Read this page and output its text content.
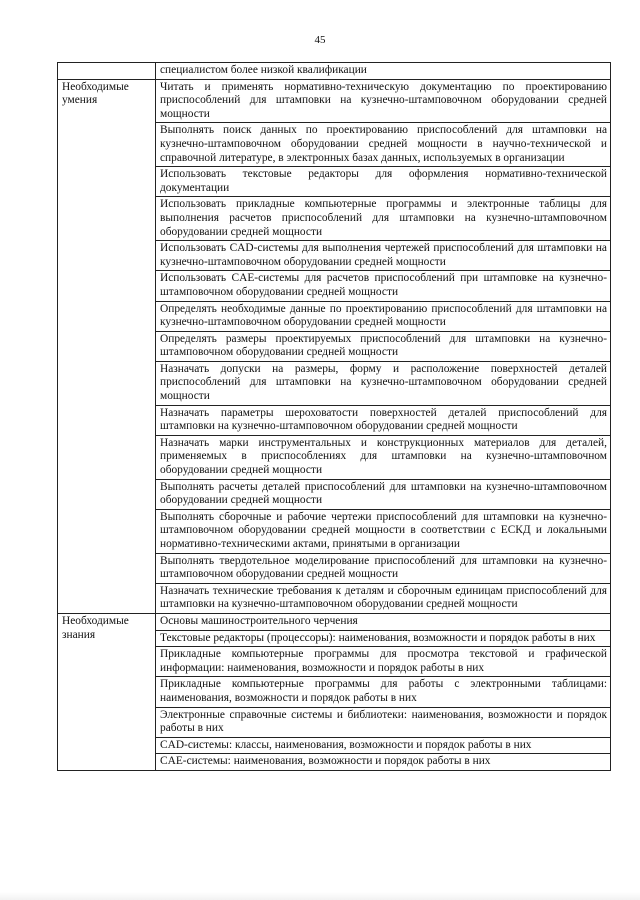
45
	специалистом более низкой квалификации
Необходимые умения	Читать и применять нормативно-техническую документацию по проектированию приспособлений для штамповки на кузнечно-штамповочном оборудовании средней мощности
	Выполнять поиск данных по проектированию приспособлений для штамповки на кузнечно-штамповочном оборудовании средней мощности в научно-технической и справочной литературе, в электронных базах данных, используемых в организации
	Использовать текстовые редакторы для оформления нормативно-технической документации
	Использовать прикладные компьютерные программы и электронные таблицы для выполнения расчетов приспособлений для штамповки на кузнечно-штамповочном оборудовании средней мощности
	Использовать CAD-системы для выполнения чертежей приспособлений для штамповки на кузнечно-штамповочном оборудовании средней мощности
	Использовать CAE-системы для расчетов приспособлений при штамповке на кузнечно-штамповочном оборудовании средней мощности
	Определять необходимые данные по проектированию приспособлений для штамповки на кузнечно-штамповочном оборудовании средней мощности
	Определять размеры проектируемых приспособлений для штамповки на кузнечно-штамповочном оборудовании средней мощности
	Назначать допуски на размеры, форму и расположение поверхностей деталей приспособлений для штамповки на кузнечно-штамповочном оборудовании средней мощности
	Назначать параметры шероховатости поверхностей деталей приспособлений для штамповки на кузнечно-штамповочном оборудовании средней мощности
	Назначать марки инструментальных и конструкционных материалов для деталей, применяемых в приспособлениях для штамповки на кузнечно-штамповочном оборудовании средней мощности
	Выполнять расчеты деталей приспособлений для штамповки на кузнечно-штамповочном оборудовании средней мощности
	Выполнять сборочные и рабочие чертежи приспособлений для штамповки на кузнечно-штамповочном оборудовании средней мощности в соответствии с ЕСКД и локальными нормативно-техническими актами, принятыми в организации
	Выполнять твердотельное моделирование приспособлений для штамповки на кузнечно-штамповочном оборудовании средней мощности
	Назначать технические требования к деталям и сборочным единицам приспособлений для штамповки на кузнечно-штамповочном оборудовании средней мощности
Необходимые знания	Основы машиностроительного черчения
	Текстовые редакторы (процессоры): наименования, возможности и порядок работы в них
	Прикладные компьютерные программы для просмотра текстовой и графической информации: наименования, возможности и порядок работы в них
	Прикладные компьютерные программы для работы с электронными таблицами: наименования, возможности и порядок работы в них
	Электронные справочные системы и библиотеки: наименования, возможности и порядок работы в них
	CAD-системы: классы, наименования, возможности и порядок работы в них
	CAE-системы: наименования, возможности и порядок работы в них
